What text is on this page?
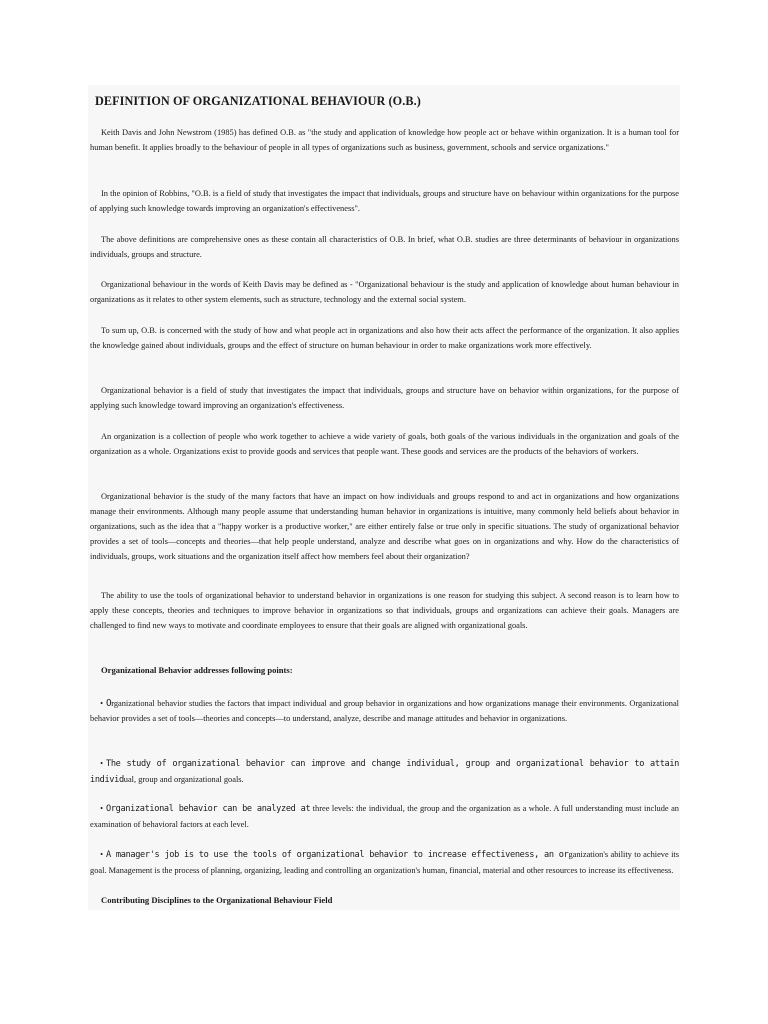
DEFINITION OF ORGANIZATIONAL BEHAVIOUR (O.B.)

Keith Davis and John Newstrom (1985) has defined O.B. as "the study and application of knowledge how people act or behave within organization. It is a human tool for human benefit. It applies broadly to the behaviour of people in all types of organizations such as business, government, schools and service organizations."

In the opinion of Robbins, "O.B. is a field of study that investigates the impact that individuals, groups and structure have on behaviour within organizations for the purpose of applying such knowledge towards improving an organization's effectiveness".

The above definitions are comprehensive ones as these contain all characteristics of O.B. In brief, what O.B. studies are three determinants of behaviour in organizations individuals, groups and structure.

Organizational behaviour in the words of Keith Davis may be defined as - "Organizational behaviour is the study and application of knowledge about human behaviour in organizations as it relates to other system elements, such as structure, technology and the external social system.

To sum up, O.B. is concerned with the study of how and what people act in organizations and also how their acts affect the performance of the organization. It also applies the knowledge gained about individuals, groups and the effect of structure on human behaviour in order to make organizations work more effectively.

Organizational behavior is a field of study that investigates the impact that individuals, groups and structure have on behavior within organizations, for the purpose of applying such knowledge toward improving an organization's effectiveness.

An organization is a collection of people who work together to achieve a wide variety of goals, both goals of the various individuals in the organization and goals of the organization as a whole. Organizations exist to provide goods and services that people want. These goods and services are the products of the behaviors of workers.

Organizational behavior is the study of the many factors that have an impact on how individuals and groups respond to and act in organizations and how organizations manage their environments. Although many people assume that understanding human behavior in organizations is intuitive, many commonly held beliefs about behavior in organizations, such as the idea that a "happy worker is a productive worker," are either entirely false or true only in specific situations. The study of organizational behavior provides a set of tools—concepts and theories—that help people understand, analyze and describe what goes on in organizations and why. How do the characteristics of individuals, groups, work situations and the organization itself affect how members feel about their organization?

The ability to use the tools of organizational behavior to understand behavior in organizations is one reason for studying this subject. A second reason is to learn how to apply these concepts, theories and techniques to improve behavior in organizations so that individuals, groups and organizations can achieve their goals. Managers are challenged to find new ways to motivate and coordinate employees to ensure that their goals are aligned with organizational goals.

Organizational Behavior addresses following points:
• Organizational behavior studies the factors that impact individual and group behavior in organizations and how organizations manage their environments. Organizational behavior provides a set of tools—theories and concepts—to understand, analyze, describe and manage attitudes and behavior in organizations.
• The study of organizational behavior can improve and change individual, group and organizational behavior to attain individual, group and organizational goals.
• Organizational behavior can be analyzed at three levels: the individual, the group and the organization as a whole. A full understanding must include an examination of behavioral factors at each level.
• A manager's job is to use the tools of organizational behavior to increase effectiveness, an organization's ability to achieve its goal. Management is the process of planning, organizing, leading and controlling an organization's human, financial, material and other resources to increase its effectiveness.
Contributing Disciplines to the Organizational Behaviour Field
